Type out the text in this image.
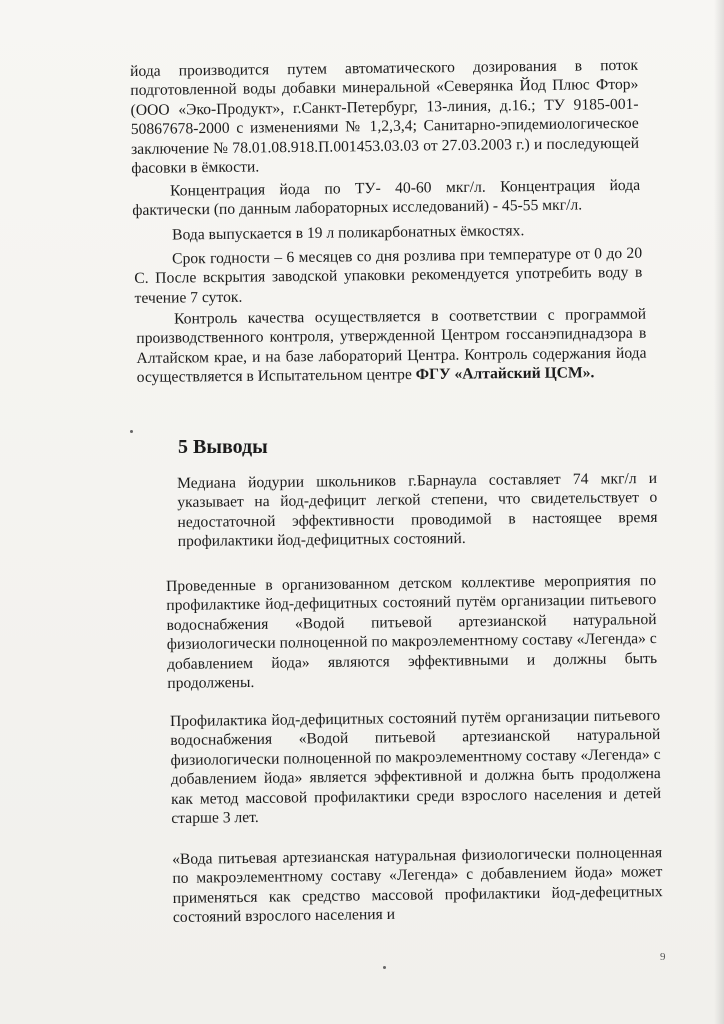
йода производится путем автоматического дозирования в поток подготовленной воды добавки минеральной «Северянка Йод Плюс Фтор» (ООО «Эко-Продукт», г.Санкт-Петербург, 13-линия, д.16.; ТУ 9185-001-50867678-2000 с изменениями № 1,2,3,4; Санитарно-эпидемиологическое заключение № 78.01.08.918.П.001453.03.03 от 27.03.2003 г.) и последующей фасовки в ёмкости.

Концентрация йода по ТУ- 40-60 мкг/л. Концентрация йода фактически (по данным лабораторных исследований) - 45-55 мкг/л.

Вода выпускается в 19 л поликарбонатных ёмкостях.

Срок годности – 6 месяцев со дня розлива при температуре от 0 до 20 С. После вскрытия заводской упаковки рекомендуется употребить воду в течение 7 суток.

Контроль качества осуществляется в соответствии с программой производственного контроля, утвержденной Центром госсанэпиднадзора в Алтайском крае, и на базе лабораторий Центра. Контроль содержания йода осуществляется в Испытательном центре ФГУ «Алтайский ЦСМ».

5 Выводы

Медиана йодурии школьников г.Барнаула составляет 74 мкг/л и указывает на йод-дефицит легкой степени, что свидетельствует о недостаточной эффективности проводимой в настоящее время профилактики йод-дефицитных состояний.

Проведенные в организованном детском коллективе мероприятия по профилактике йод-дефицитных состояний путём организации питьевого водоснабжения «Водой питьевой артезианской натуральной физиологически полноценной по макроэлементному составу «Легенда» с добавлением йода» являются эффективными и должны быть продолжены.

Профилактика йод-дефицитных состояний путём организации питьевого водоснабжения «Водой питьевой артезианской натуральной физиологически полноценной по макроэлементному составу «Легенда» с добавлением йода» является эффективной и должна быть продолжена как метод массовой профилактики среди взрослого населения и детей старше 3 лет.

«Вода питьевая артезианская натуральная физиологически полноценная по макроэлементному составу «Легенда» с добавлением йода» может применяться как средство массовой профилактики йод-дефецитных состояний взрослого населения и

9
